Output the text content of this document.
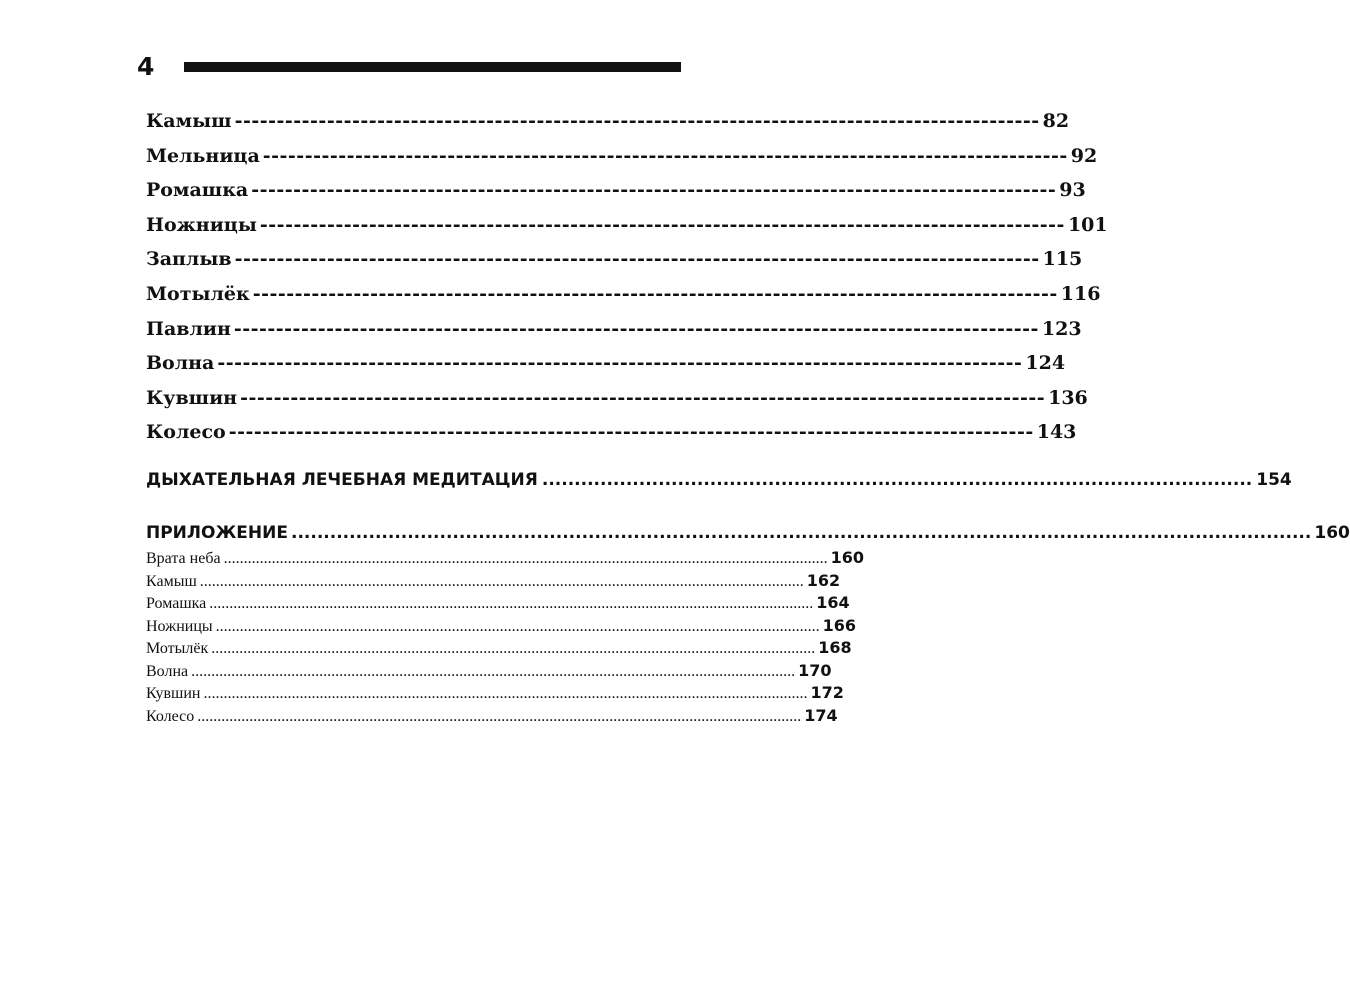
4
Камыш ------------------------------------------------------------------------------------------------ 82
Мельница ------------------------------------------------------------------------------------------------ 92
Ромашка ------------------------------------------------------------------------------------------------ 93
Ножницы ------------------------------------------------------------------------------------------------ 101
Заплыв ------------------------------------------------------------------------------------------------ 115
Мотылёк ------------------------------------------------------------------------------------------------ 116
Павлин ------------------------------------------------------------------------------------------------ 123
Волна ------------------------------------------------------------------------------------------------ 124
Кувшин ------------------------------------------------------------------------------------------------ 136
Колесо ------------------------------------------------------------------------------------------------ 143
ДЫХАТЕЛЬНАЯ ЛЕЧЕБНАЯ МЕДИТАЦИЯ .............................................................................................................. 154
ПРИЛОЖЕНИЕ .............................................................................................................................................................. 160
Врата неба ....................................................................................................................................................... 160
Камыш ....................................................................................................................................................... 162
Ромашка ....................................................................................................................................................... 164
Ножницы ....................................................................................................................................................... 166
Мотылёк ....................................................................................................................................................... 168
Волна ....................................................................................................................................................... 170
Кувшин ....................................................................................................................................................... 172
Колесо ....................................................................................................................................................... 174
